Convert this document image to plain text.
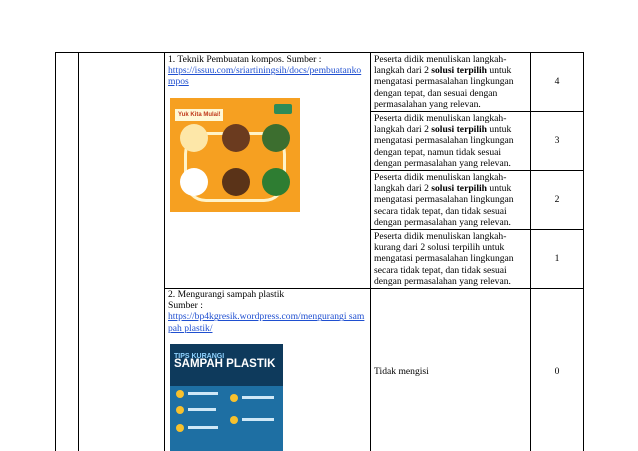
		1. Teknik Pembuatan kompos. Sumber :
https://issuu.com/sriartiningsih/docs/pembuatankompos
Yuk Kita Mulai!	Peserta didik menuliskan langkah-langkah dari 2 solusi terpilih untuk mengatasi permasalahan lingkungan dengan tepat, dan sesuai dengan permasalahan yang relevan.	4
			Peserta didik menuliskan langkah-langkah dari 2 solusi terpilih untuk mengatasi permasalahan lingkungan dengan tepat, namun tidak sesuai dengan permasalahan yang relevan.	3
			Peserta didik menuliskan langkah-langkah dari 2 solusi terpilih untuk mengatasi permasalahan lingkungan secara tidak tepat, dan tidak sesuai dengan permasalahan yang relevan.	2
			Peserta didik menuliskan langkah- kurang dari 2 solusi terpilih untuk mengatasi permasalahan lingkungan secara tidak tepat, dan tidak sesuai dengan permasalahan yang relevan.	1

		2. Mengurangi sampah plastik
Sumber :
https://bp4kgresik.wordpress.com/mengurangi sampah plastik/
TIPS KURANGI
SAMPAH PLASTIK	Tidak mengisi	0
